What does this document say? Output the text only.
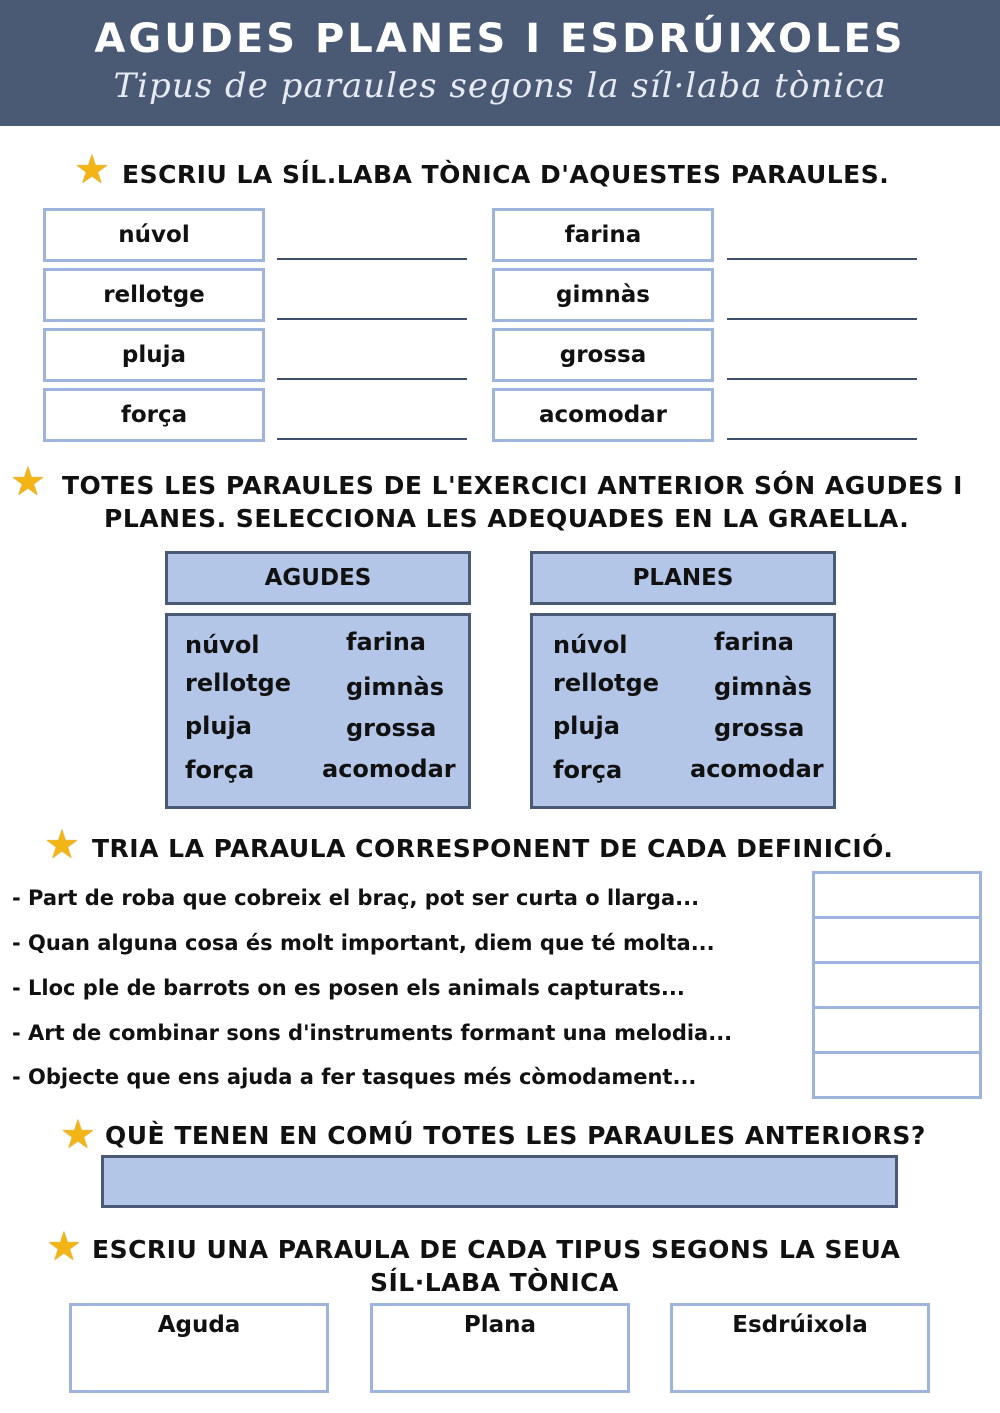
AGUDES PLANES I ESDRÚIXOLES
Tipus de paraules segons la síl·laba tònica
★ ESCRIU LA SÍL.LABA TÒNICA D'AQUESTES PARAULES.
núvol
rellotge
pluja
força
farina
gimnàs
grossa
acomodar
★ TOTES LES PARAULES DE L'EXERCICI ANTERIOR SÓN AGUDES I
PLANES. SELECCIONA LES ADEQUADES EN LA GRAELLA.
AGUDES
núvol
rellotge
pluja
força
farina
gimnàs
grossa
acomodar
PLANES
núvol
rellotge
pluja
força
farina
gimnàs
grossa
acomodar
★ TRIA LA PARAULA CORRESPONENT DE CADA DEFINICIÓ.
- Part de roba que cobreix el braç, pot ser curta o llarga...
- Quan alguna cosa és molt important, diem que té molta...
- Lloc ple de barrots on es posen els animals capturats...
- Art de combinar sons d'instruments formant una melodia...
- Objecte que ens ajuda a fer tasques més còmodament...
★ QUÈ TENEN EN COMÚ TOTES LES PARAULES ANTERIORS?
★ ESCRIU UNA PARAULA DE CADA TIPUS SEGONS LA SEUA
SÍL·LABA TÒNICA
Aguda	Plana	Esdrúixola
